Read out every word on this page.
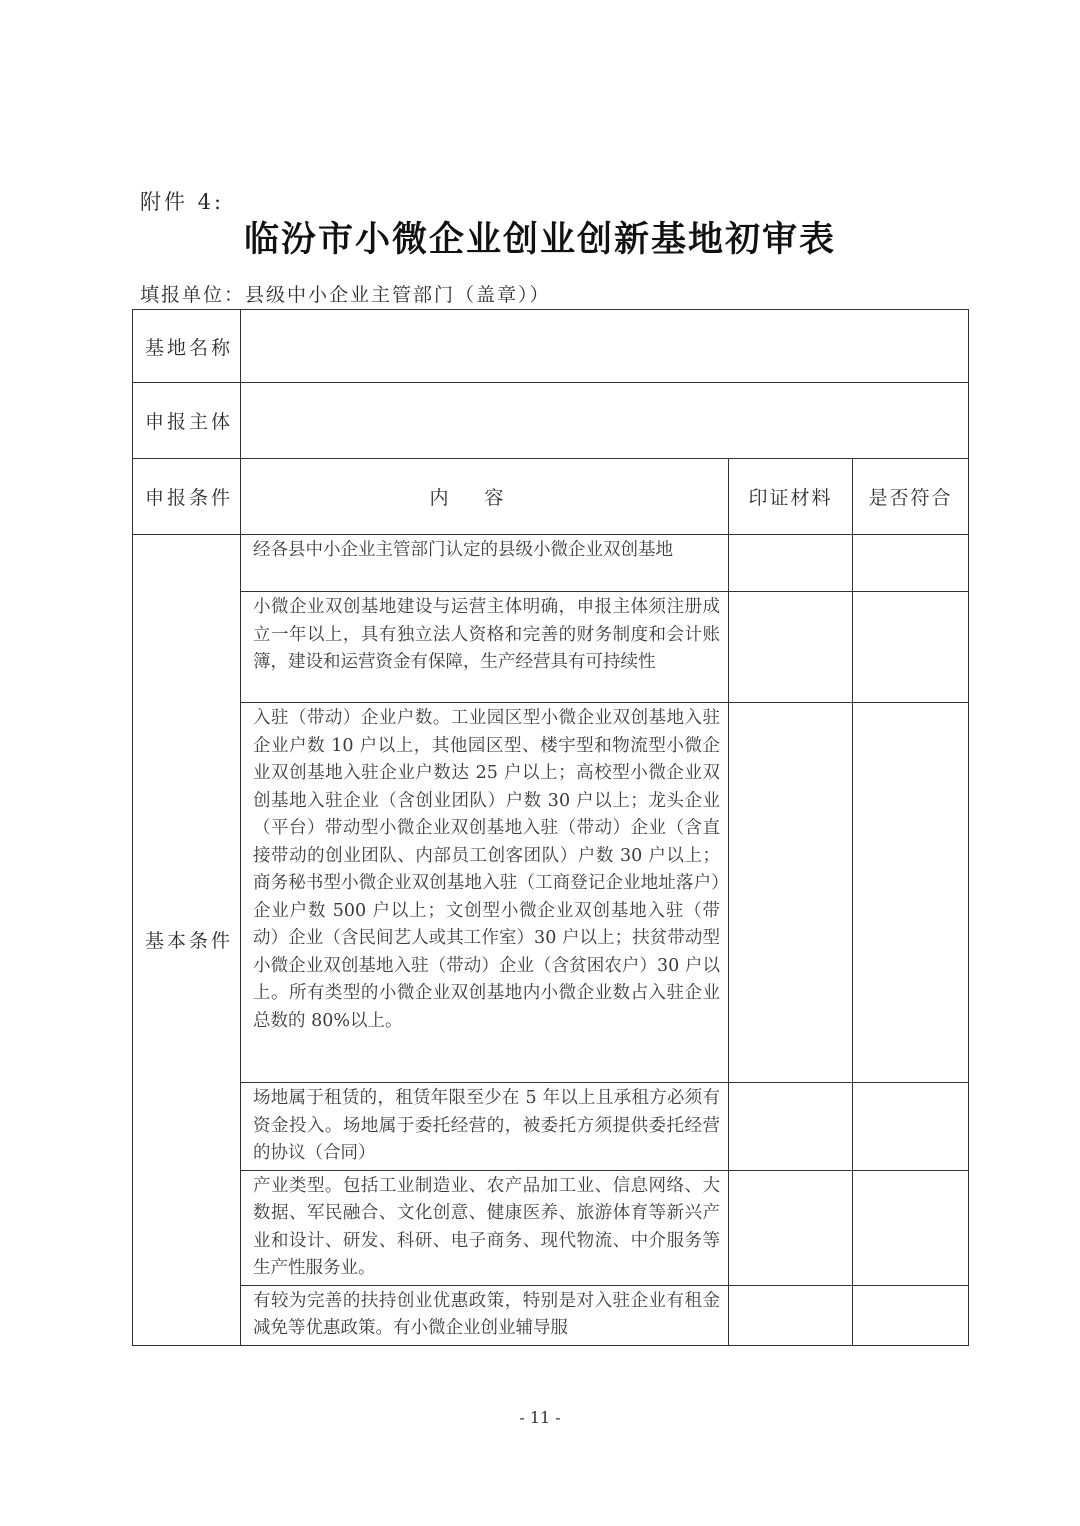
附件 4:
临汾市小微企业创业创新基地初审表
填报单位：县级中小企业主管部门（盖章））
基地名称			
申报主体			
申报条件	内容	印证材料	是否符合
基本条件	经各县中小企业主管部门认定的县级小微企业双创基地		
	小微企业双创基地建设与运营主体明确，申报主体须注册成立一年以上，具有独立法人资格和完善的财务制度和会计账簿，建设和运营资金有保障，生产经营具有可持续性		
	入驻（带动）企业户数。工业园区型小微企业双创基地入驻企业户数 10 户以上，其他园区型、楼宇型和物流型小微企业双创基地入驻企业户数达 25 户以上；高校型小微企业双创基地入驻企业（含创业团队）户数 30 户以上；龙头企业（平台）带动型小微企业双创基地入驻（带动）企业（含直接带动的创业团队、内部员工创客团队）户数 30 户以上；商务秘书型小微企业双创基地入驻（工商登记企业地址落户）企业户数 500 户以上；文创型小微企业双创基地入驻（带动）企业（含民间艺人或其工作室）30 户以上；扶贫带动型小微企业双创基地入驻（带动）企业（含贫困农户）30 户以上。所有类型的小微企业双创基地内小微企业数占入驻企业总数的 80%以上。		
	场地属于租赁的，租赁年限至少在 5 年以上且承租方必须有资金投入。场地属于委托经营的，被委托方须提供委托经营的协议（合同）		
	产业类型。包括工业制造业、农产品加工业、信息网络、大数据、军民融合、文化创意、健康医养、旅游体育等新兴产业和设计、研发、科研、电子商务、现代物流、中介服务等生产性服务业。		
	有较为完善的扶持创业优惠政策，特别是对入驻企业有租金减免等优惠政策。有小微企业创业辅导服		
- 11 -
